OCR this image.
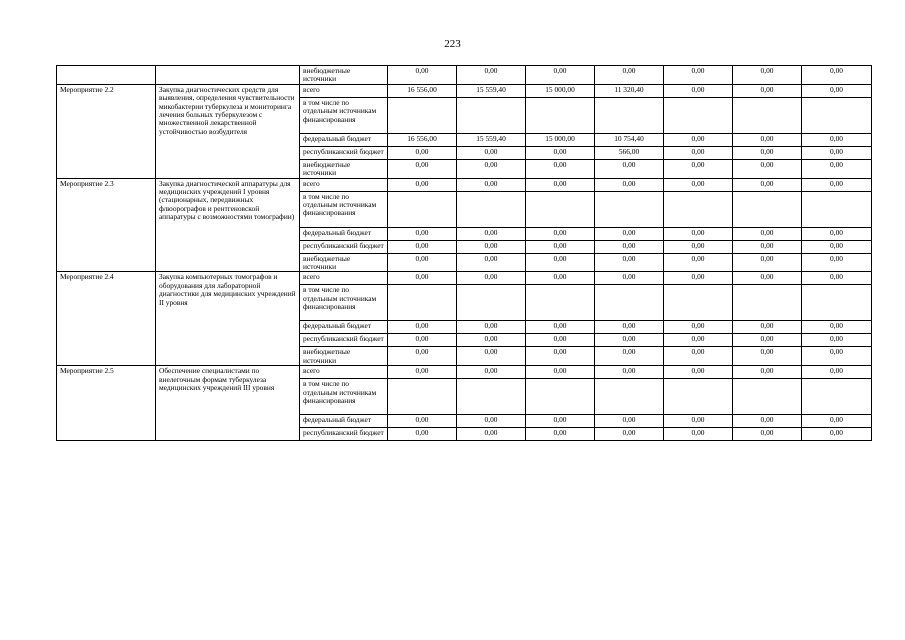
223
		внебюджетные источники	0,00	0,00	0,00	0,00	0,00	0,00	0,00
Мероприятие 2.2	Закупка диагностических средств для выявления, определения чувствительности микобактерии туберкулеза и мониторинга лечения больных туберкулезом с множественной лекарственной устойчивостью возбудителя	всего	16 556,00	15 559,40	15 000,00	11 320,40	0,00	0,00	0,00
		в том числе по отдельным источникам финансирования							
		федеральный бюджет	16 556,00	15 559,40	15 000,00	10 754,40	0,00	0,00	0,00
		республиканский бюджет	0,00	0,00	0,00	566,00	0,00	0,00	0,00
		внебюджетные источники	0,00	0,00	0,00	0,00	0,00	0,00	0,00
Мероприятие 2.3	Закупка диагностической аппаратуры для медицинских учреждений I уровня (стационарных, передвижных флюорографов и рентгеновской аппаратуры с возможностями томографии)	всего	0,00	0,00	0,00	0,00	0,00	0,00	0,00
		в том числе по отдельным источникам финансирования							
		федеральный бюджет	0,00	0,00	0,00	0,00	0,00	0,00	0,00
		республиканский бюджет	0,00	0,00	0,00	0,00	0,00	0,00	0,00
		внебюджетные источники	0,00	0,00	0,00	0,00	0,00	0,00	0,00
Мероприятие 2.4	Закупка компьютерных томографов и оборудования для лабораторной диагностики для медицинских учреждений II уровня	всего	0,00	0,00	0,00	0,00	0,00	0,00	0,00
		в том числе по отдельным источникам финансирования							
		федеральный бюджет	0,00	0,00	0,00	0,00	0,00	0,00	0,00
		республиканский бюджет	0,00	0,00	0,00	0,00	0,00	0,00	0,00
		внебюджетные источники	0,00	0,00	0,00	0,00	0,00	0,00	0,00
Мероприятие 2.5	Обеспечение специалистами по внелегочным формам туберкулеза медицинских учреждений III уровня	всего	0,00	0,00	0,00	0,00	0,00	0,00	0,00
		в том числе по отдельным источникам финансирования							
		федеральный бюджет	0,00	0,00	0,00	0,00	0,00	0,00	0,00
		республиканский бюджет	0,00	0,00	0,00	0,00	0,00	0,00	0,00
